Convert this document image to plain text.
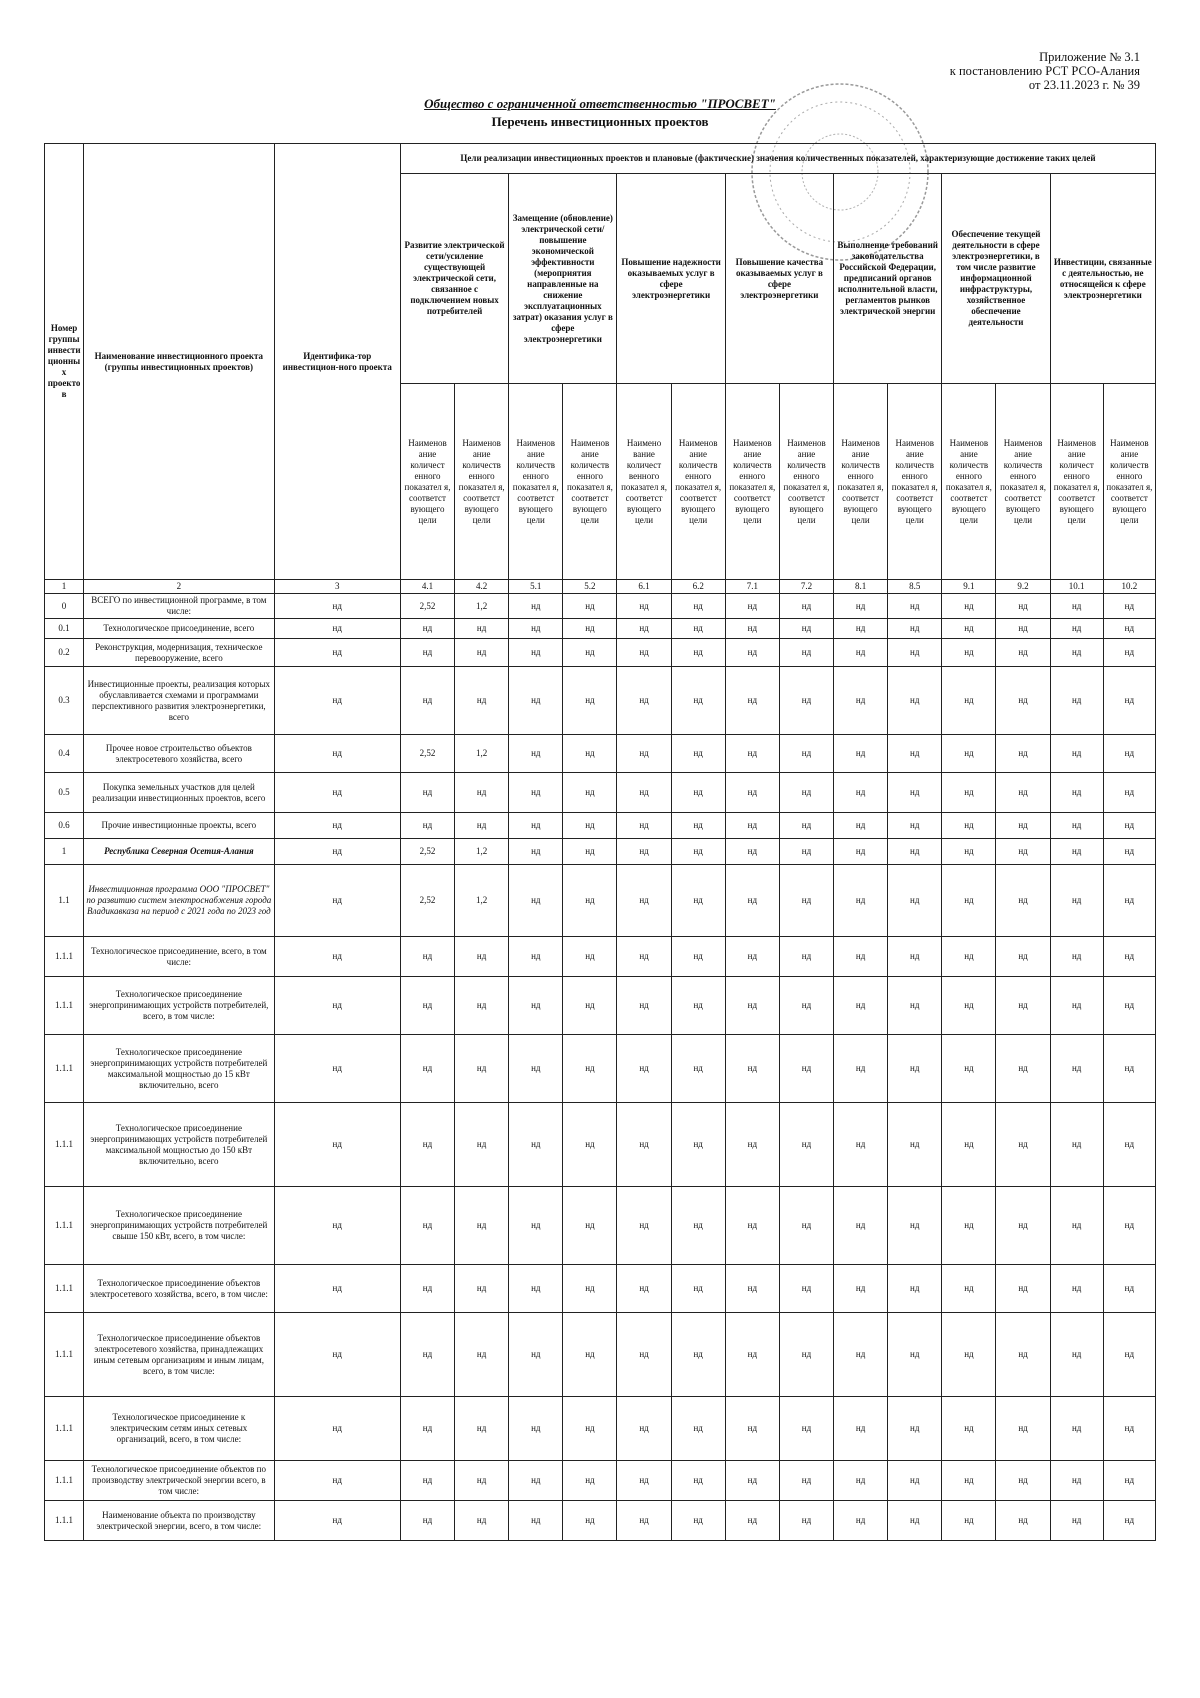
Приложение № 3.1
к постановлению РСТ РСО-Алания
от 23.11.2023 г. № 39
Общество с ограниченной ответственностью "ПРОСВЕТ"
Перечень инвестиционных проектов
Номер группы инвести ционны х проекто в	Наименование инвестиционного проекта (группы инвестиционных проектов)	Идентифика-тор инвестицион-ного проекта	Цели реализации инвестиционных проектов и плановые (фактические) значения количественных показателей, характеризующие достижение таких целей													
			Развитие электрической сети/усиление существующей электрической сети, связанное с подключением новых потребителей		Замещение (обновление) электрической сети/повышение экономической эффективности (мероприятия направленные на снижение эксплуатационных затрат) оказания услуг в сфере электроэнергетики		Повышение надежности оказываемых услуг в сфере электроэнергетики		Повышение качества оказываемых услуг в сфере электроэнергетики		Выполнение требований законодательства Российской Федерации, предписаний органов исполнительной власти, регламентов рынков электрической энергии		Обеспечение текущей деятельности в сфере электроэнергетики, в том числе развитие информационной инфраструктуры, хозяйственное обеспечение деятельности		Инвестиции, связанные с деятельностью, не относящейся к сфере электроэнергетики	
			Наименов ание количест енного показател я, соответст вующего цели	Наименов ание количеств енного показател я, соответст вующего цели	Наименов ание количеств енного показател я, соответст вующего цели	Наименов ание количеств енного показател я, соответст вующего цели	Наимено вание количест венного показател я, соответст вующего цели	Наименов ание количеств енного показател я, соответст вующего цели	Наименов ание количеств енного показател я, соответст вующего цели	Наименов ание количеств енного показател я, соответст вующего цели	Наименов ание количеств енного показател я, соответст вующего цели	Наименов ание количеств енного показател я, соответст вующего цели	Наименов ание количеств енного показател я, соответст вующего цели	Наименов ание количеств енного показател я, соответст вующего цели	Наименов ание количест енного показател я, соответст вующего цели	Наименов ание количеств енного показател я, соответст вующего цели
1	2	3	4.1	4.2	5.1	5.2	6.1	6.2	7.1	7.2	8.1	8.5	9.1	9.2	10.1	10.2
0	ВСЕГО по инвестиционной программе, в том числе:	нд	2,52	1,2	нд	нд	нд	нд	нд	нд	нд	нд	нд	нд	нд	нд
0.1	Технологическое присоединение, всего	нд	нд	нд	нд	нд	нд	нд	нд	нд	нд	нд	нд	нд	нд	нд
0.2	Реконструкция, модернизация, техническое перевооружение, всего	нд	нд	нд	нд	нд	нд	нд	нд	нд	нд	нд	нд	нд	нд	нд
0.3	Инвестиционные проекты, реализация которых обуславливается схемами и программами перспективного развития электроэнергетики, всего	нд	нд	нд	нд	нд	нд	нд	нд	нд	нд	нд	нд	нд	нд	нд
0.4	Прочее новое строительство объектов электросетевого хозяйства, всего	нд	2,52	1,2	нд	нд	нд	нд	нд	нд	нд	нд	нд	нд	нд	нд
0.5	Покупка земельных участков для целей реализации инвестиционных проектов, всего	нд	нд	нд	нд	нд	нд	нд	нд	нд	нд	нд	нд	нд	нд	нд
0.6	Прочие инвестиционные проекты, всего	нд	нд	нд	нд	нд	нд	нд	нд	нд	нд	нд	нд	нд	нд	нд
1	Республика Северная Осетия-Алания	нд	2,52	1,2	нд	нд	нд	нд	нд	нд	нд	нд	нд	нд	нд	нд
1.1	Инвестиционная программа ООО "ПРОСВЕТ" по развитию систем электроснабжения города Владикавказа на период с 2021 года по 2023 год	нд	2,52	1,2	нд	нд	нд	нд	нд	нд	нд	нд	нд	нд	нд	нд
1.1.1	Технологическое присоединение, всего, в том числе:	нд	нд	нд	нд	нд	нд	нд	нд	нд	нд	нд	нд	нд	нд	нд
1.1.1	Технологическое присоединение энергопринимающих устройств потребителей, всего, в том числе:	нд	нд	нд	нд	нд	нд	нд	нд	нд	нд	нд	нд	нд	нд	нд
1.1.1	Технологическое присоединение энергопринимающих устройств потребителей максимальной мощностью до 15 кВт включительно, всего	нд	нд	нд	нд	нд	нд	нд	нд	нд	нд	нд	нд	нд	нд	нд
1.1.1	Технологическое присоединение энергопринимающих устройств потребителей максимальной мощностью до 150 кВт включительно, всего	нд	нд	нд	нд	нд	нд	нд	нд	нд	нд	нд	нд	нд	нд	нд
1.1.1	Технологическое присоединение энергопринимающих устройств потребителей свыше 150 кВт, всего, в том числе:	нд	нд	нд	нд	нд	нд	нд	нд	нд	нд	нд	нд	нд	нд	нд
1.1.1	Технологическое присоединение объектов электросетевого хозяйства, всего, в том числе:	нд	нд	нд	нд	нд	нд	нд	нд	нд	нд	нд	нд	нд	нд	нд
1.1.1	Технологическое присоединение объектов электросетевого хозяйства, принадлежащих иным сетевым организациям и иным лицам, всего, в том числе:	нд	нд	нд	нд	нд	нд	нд	нд	нд	нд	нд	нд	нд	нд	нд
1.1.1	Технологическое присоединение к электрическим сетям иных сетевых организаций, всего, в том числе:	нд	нд	нд	нд	нд	нд	нд	нд	нд	нд	нд	нд	нд	нд	нд
1.1.1	Технологическое присоединение объектов по производству электрической энергии всего, в том числе:	нд	нд	нд	нд	нд	нд	нд	нд	нд	нд	нд	нд	нд	нд	нд
1.1.1	Наименование объекта по производству электрической энергии, всего, в том числе:	нд	нд	нд	нд	нд	нд	нд	нд	нд	нд	нд	нд	нд	нд	нд
